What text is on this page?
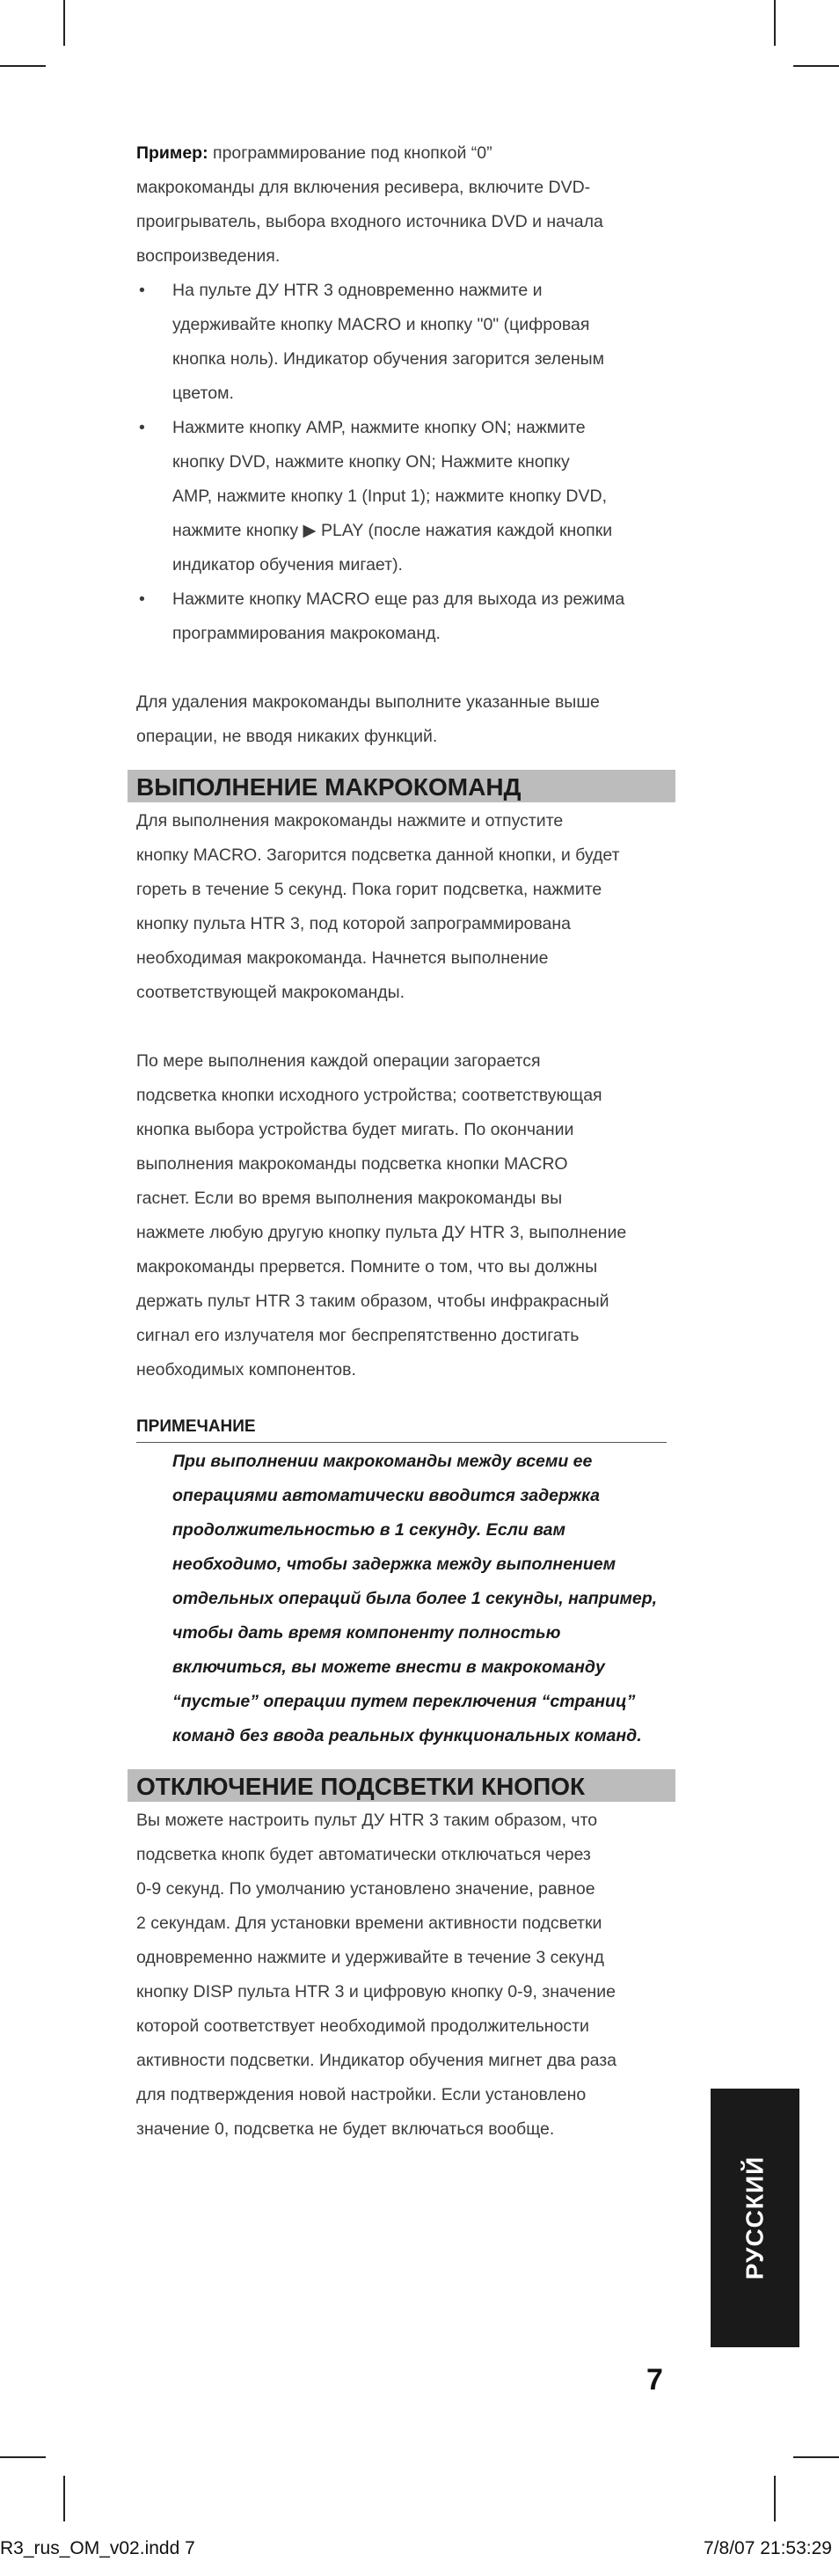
Пример: программирование под кнопкой “0”

макрокоманды для включения ресивера, включите DVD-

проигрыватель, выбора входного источника DVD и начала

воспроизведения.

• На пульте ДУ HTR 3 одновременно нажмите и
удерживайте кнопку MACRO и кнопку "0" (цифровая
кнопка ноль). Индикатор обучения загорится зеленым
цветом.
• Нажмите кнопку AMP, нажмите кнопку ON; нажмите
кнопку DVD, нажмите кнопку ON; Нажмите кнопку
AMP, нажмите кнопку 1 (Input 1); нажмите кнопку DVD,
нажмите кнопку ▶ PLAY (после нажатия каждой кнопки
индикатор обучения мигает).
• Нажмите кнопку MACRO еще раз для выхода из режима
программирования макрокоманд.

Для удаления макрокоманды выполните указанные выше

операции, не вводя никаких функций.

ВЫПОЛНЕНИЕ МАКРОКОМАНД

Для выполнения макрокоманды нажмите и отпустите

кнопку MACRO. Загорится подсветка данной кнопки, и будет

гореть в течение 5 секунд. Пока горит подсветка, нажмите

кнопку пульта HTR 3, под которой запрограммирована

необходимая макрокоманда. Начнется выполнение

соответствующей макрокоманды.

По мере выполнения каждой операции загорается

подсветка кнопки исходного устройства; соответствующая

кнопка выбора устройства будет мигать. По окончании

выполнения макрокоманды подсветка кнопки MACRO

гаснет. Если во время выполнения макрокоманды вы

нажмете любую другую кнопку пульта ДУ HTR 3, выполнение

макрокоманды прервется. Помните о том, что вы должны

держать пульт HTR 3 таким образом, чтобы инфракрасный

сигнал его излучателя мог беспрепятственно достигать

необходимых компонентов.

ПРИМЕЧАНИЕ

При выполнении макрокоманды между всеми ее

операциями автоматически вводится задержка

продолжительностью в 1 секунду. Если вам

необходимо, чтобы задержка между выполнением

отдельных операций была более 1 секунды, например,

чтобы дать время компоненту полностью

включиться, вы можете внести в макрокоманду

“пустые” операции путем переключения “страниц”

команд без ввода реальных функциональных команд.

ОТКЛЮЧЕНИЕ ПОДСВЕТКИ КНОПОК

Вы можете настроить пульт ДУ HTR 3 таким образом, что

подсветка кнопк будет автоматически отключаться через

0-9 секунд. По умолчанию установлено значение, равное

2 секундам. Для установки времени активности подсветки

одновременно нажмите и удерживайте в течение 3 секунд

кнопку DISP пульта HTR 3 и цифровую кнопку 0-9, значение

которой соответствует необходимой продолжительности

активности подсветки. Индикатор обучения мигнет два раза

для подтверждения новой настройки. Если установлено

значение 0, подсветка не будет включаться вообще.

РУССКИЙ
7
R3_rus_OM_v02.indd 7	7/8/07 21:53:29
